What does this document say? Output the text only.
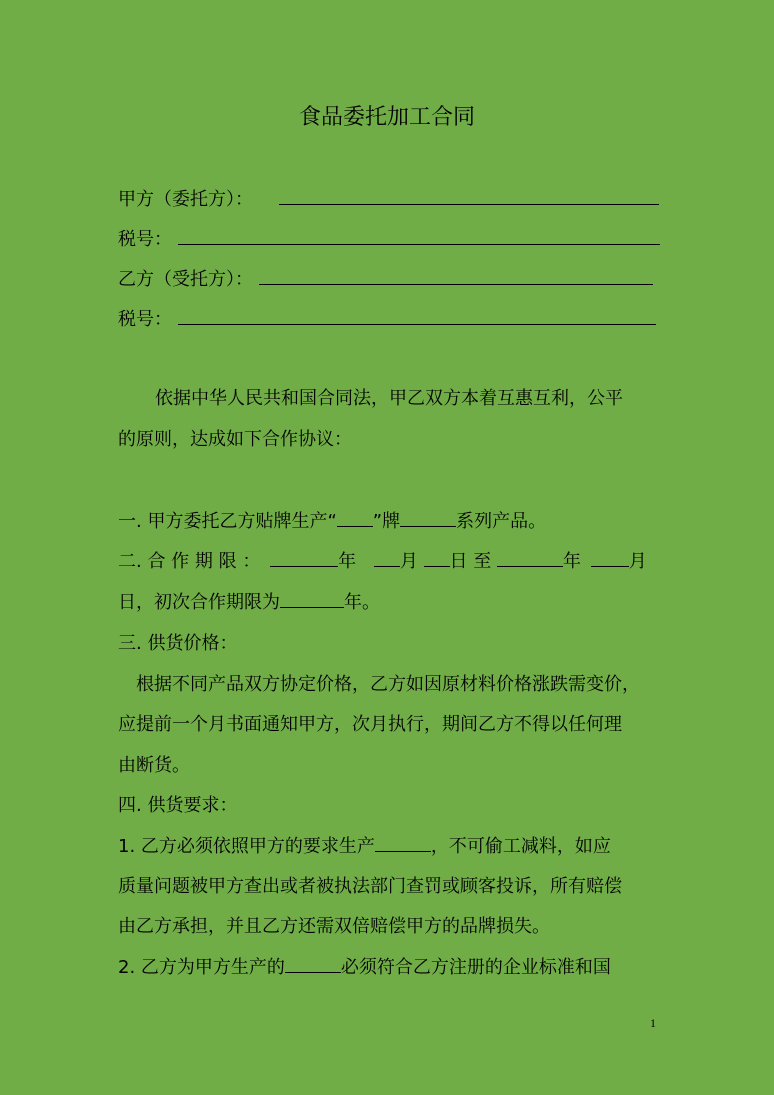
食品委托加工合同
甲方（委托方）：
税号：
乙方（受托方）：
税号：
依据中华人民共和国合同法，甲乙双方本着互惠互利，公平
的原则，达成如下合作协议：
一. 甲方委托乙方贴牌生产“ ”牌	系列产品。
二. 合 作 期 限 ：	年 月 日 至	年	月
日，初次合作期限为	年。
三. 供货价格：
根据不同产品双方协定价格，乙方如因原材料价格涨跌需变价，
应提前一个月书面通知甲方，次月执行，期间乙方不得以任何理
由断货。
四. 供货要求：
1. 乙方必须依照甲方的要求生产	，不可偷工减料，如应
质量问题被甲方查出或者被执法部门查罚或顾客投诉，所有赔偿
由乙方承担，并且乙方还需双倍赔偿甲方的品牌损失。
2. 乙方为甲方生产的	必须符合乙方注册的企业标准和国
1
